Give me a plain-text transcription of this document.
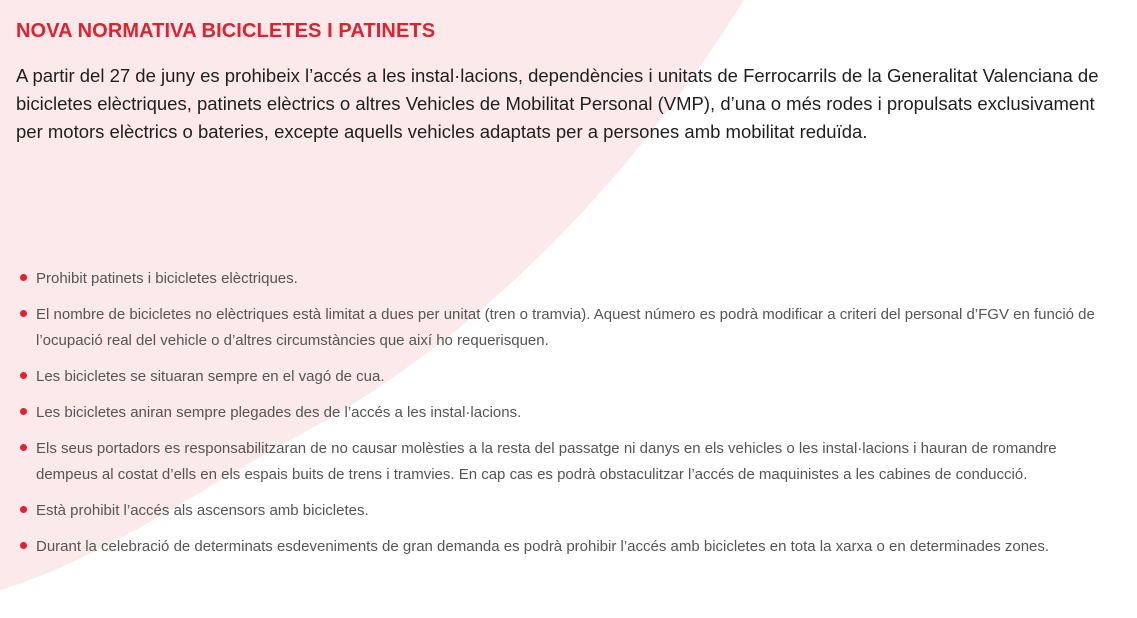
NOVA NORMATIVA BICICLETES I PATINETS

A partir del 27 de juny es prohibeix l’accés a les instal·lacions, dependències i unitats de Ferrocarrils de la Generalitat Valenciana de bicicletes elèctriques, patinets elèctrics o altres Vehicles de Mobilitat Personal (VMP), d’una o més rodes i propulsats exclusivament per motors elèctrics o bateries, excepte aquells vehicles adaptats per a persones amb mobilitat reduïda.

Prohibit patinets i bicicletes elèctriques.
El nombre de bicicletes no elèctriques està limitat a dues per unitat (tren o tramvia). Aquest número es podrà modificar a criteri del personal d’FGV en funció de l’ocupació real del vehicle o d’altres circumstàncies que així ho requerisquen.
Les bicicletes se situaran sempre en el vagó de cua.
Les bicicletes aniran sempre plegades des de l’accés a les instal·lacions.
Els seus portadors es responsabilitzaran de no causar molèsties a la resta del passatge ni danys en els vehicles o les instal·lacions i hauran de romandre dempeus al costat d’ells en els espais buits de trens i tramvies. En cap cas es podrà obstaculitzar l’accés de maquinistes a les cabines de conducció.
Està prohibit l’accés als ascensors amb bicicletes.
Durant la celebració de determinats esdeveniments de gran demanda es podrà prohibir l’accés amb bicicletes en tota la xarxa o en determinades zones.
